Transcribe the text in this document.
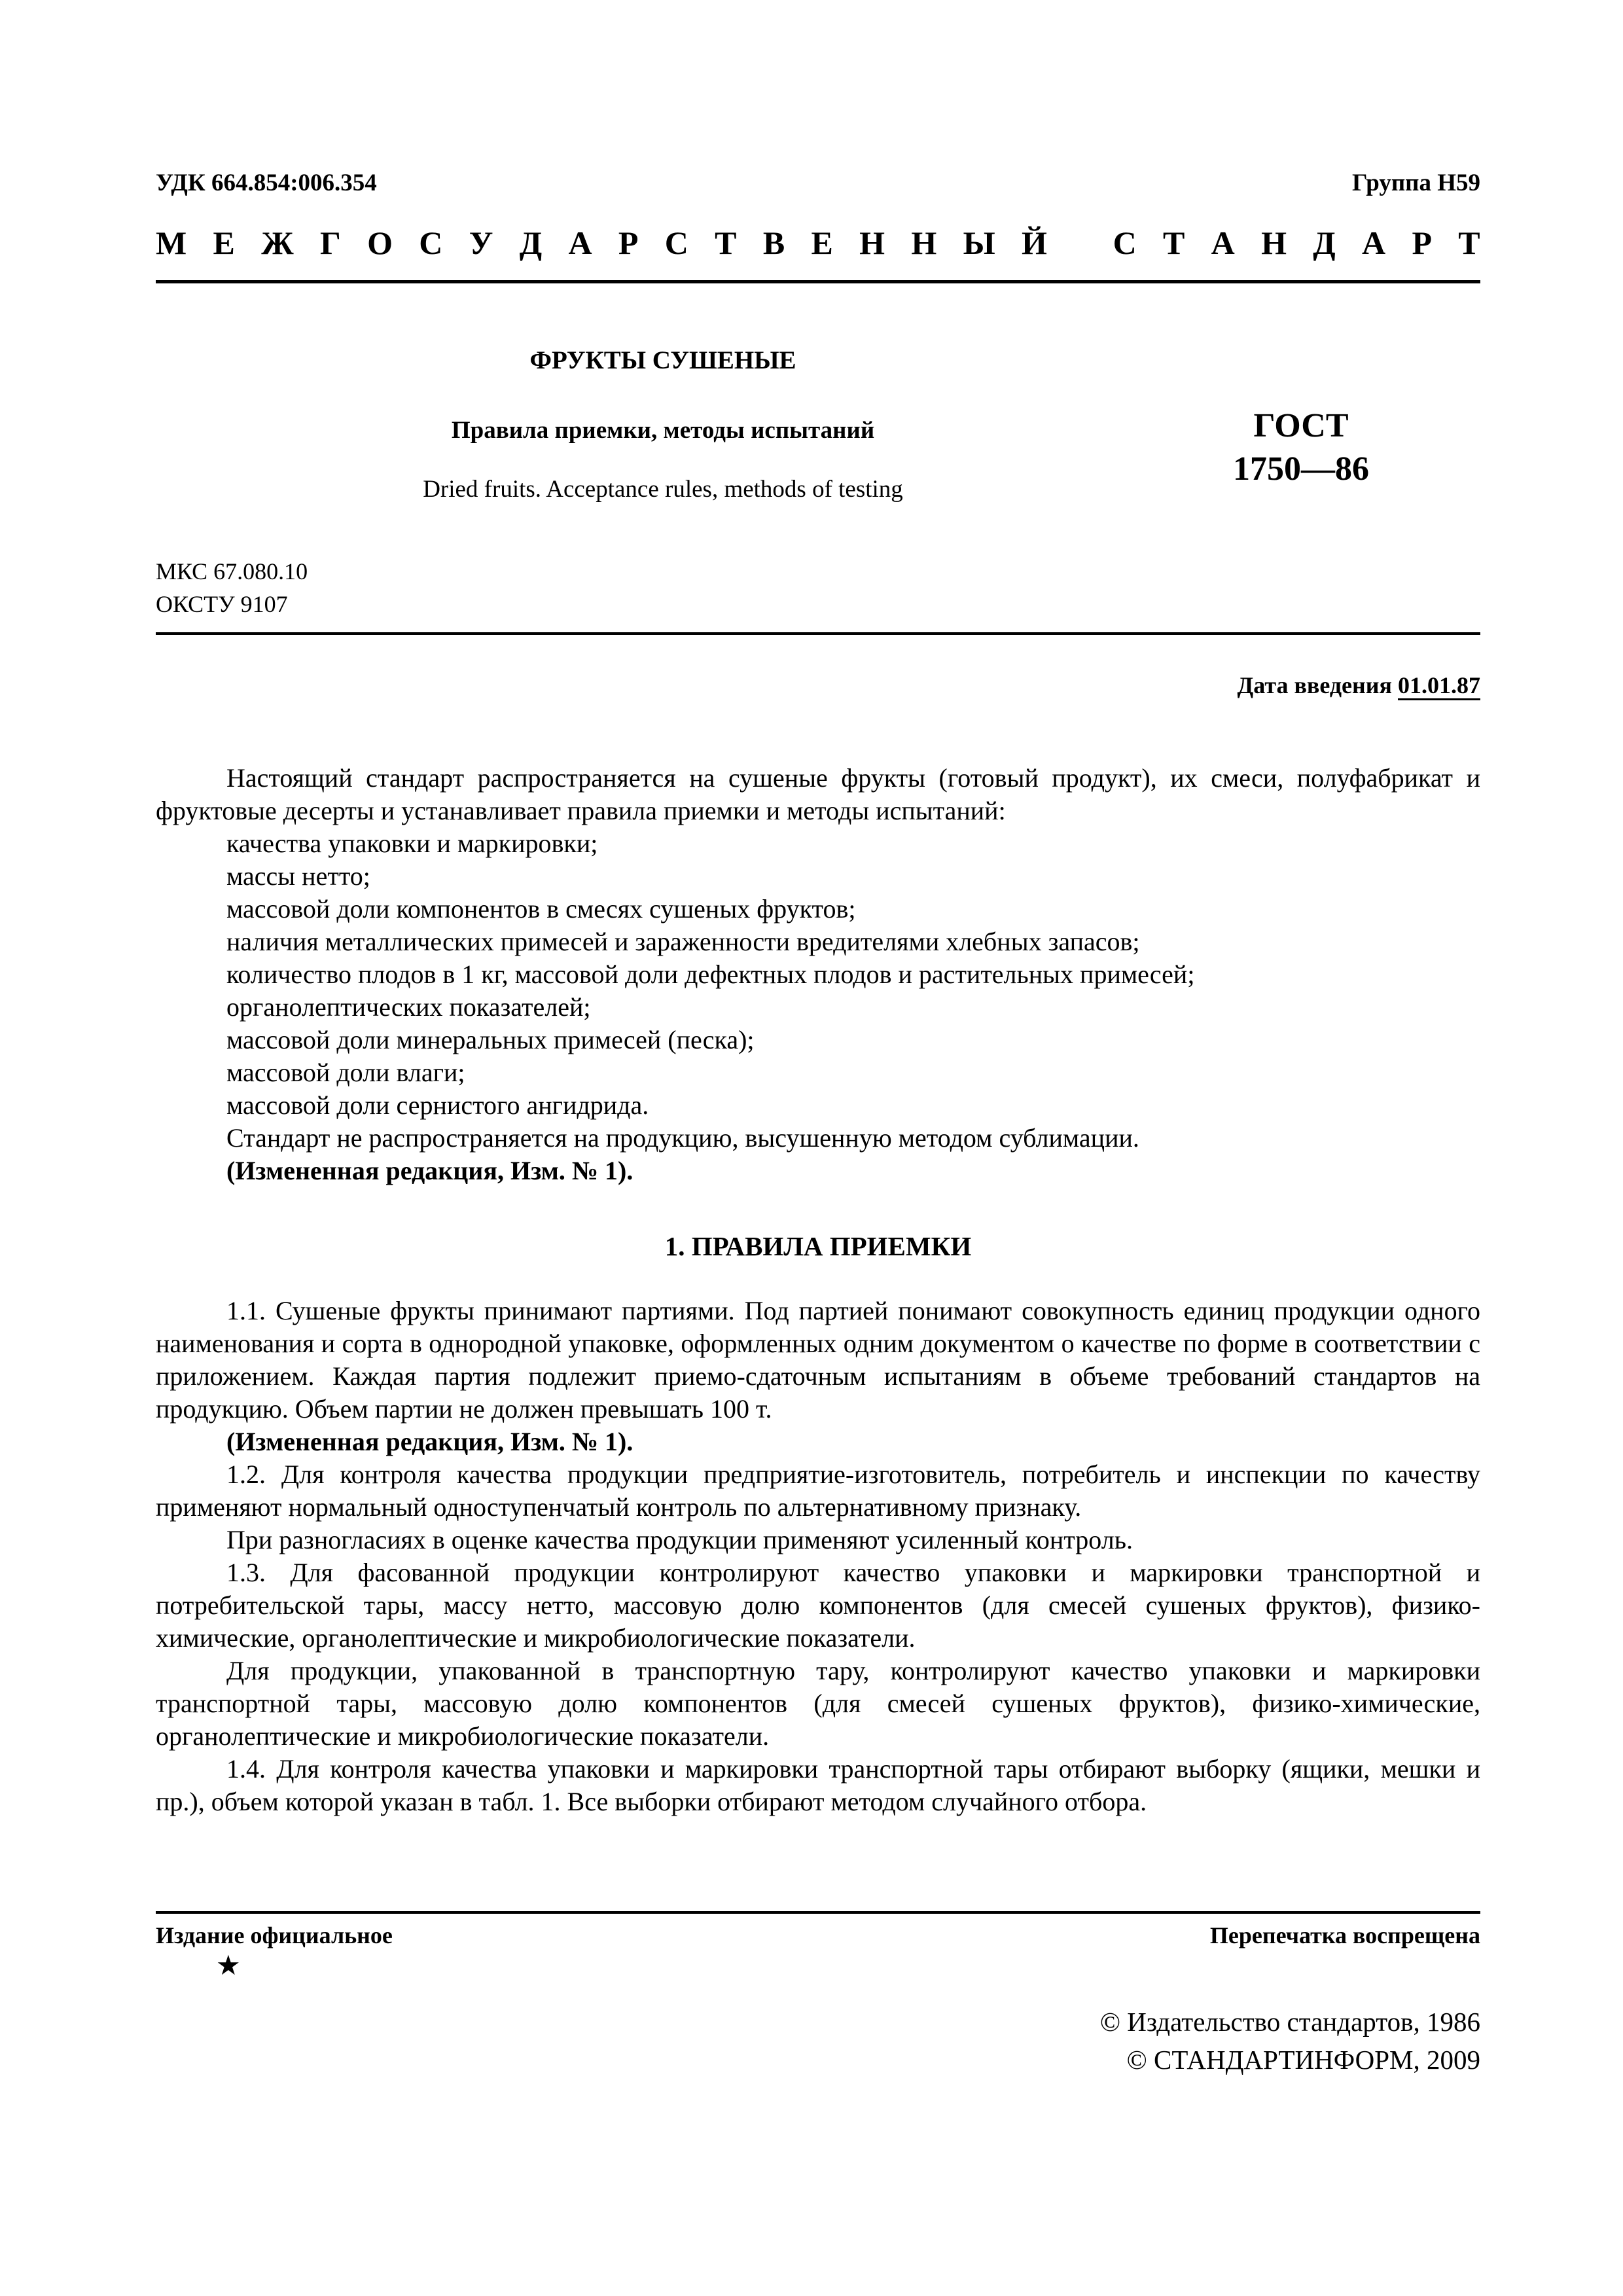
УДК 664.854:006.354	Группа Н59
М Е Ж Г О С У Д А Р С Т В Е Н Н Ы Й С Т А Н Д А Р Т
ФРУКТЫ СУШЕНЫЕ
Правила приемки, методы испытаний
Dried fruits. Acceptance rules, methods of testing
ГОСТ
1750—86
МКС 67.080.10
ОКСТУ 9107
Дата введения 01.01.87

Настоящий стандарт распространяется на сушеные фрукты (готовый продукт), их смеси, полуфабрикат и фруктовые десерты и устанавливает правила приемки и методы испытаний:

качества упаковки и маркировки;

массы нетто;

массовой доли компонентов в смесях сушеных фруктов;

наличия металлических примесей и зараженности вредителями хлебных запасов;

количество плодов в 1 кг, массовой доли дефектных плодов и растительных примесей;

органолептических показателей;

массовой доли минеральных примесей (песка);

массовой доли влаги;

массовой доли сернистого ангидрида.

Стандарт не распространяется на продукцию, высушенную методом сублимации.

(Измененная редакция, Изм. № 1).

1. ПРАВИЛА ПРИЕМКИ

1.1. Сушеные фрукты принимают партиями. Под партией понимают совокупность единиц продукции одного наименования и сорта в однородной упаковке, оформленных одним документом о качестве по форме в соответствии с приложением. Каждая партия подлежит приемо-сдаточным испытаниям в объеме требований стандартов на продукцию. Объем партии не должен превышать 100 т.

(Измененная редакция, Изм. № 1).

1.2. Для контроля качества продукции предприятие-изготовитель, потребитель и инспекции по качеству применяют нормальный одноступенчатый контроль по альтернативному признаку.

При разногласиях в оценке качества продукции применяют усиленный контроль.

1.3. Для фасованной продукции контролируют качество упаковки и маркировки транспортной и потребительской тары, массу нетто, массовую долю компонентов (для смесей сушеных фруктов), физико-химические, органолептические и микробиологические показатели.

Для продукции, упакованной в транспортную тару, контролируют качество упаковки и маркировки транспортной тары, массовую долю компонентов (для смесей сушеных фруктов), физико-химические, органолептические и микробиологические показатели.

1.4. Для контроля качества упаковки и маркировки транспортной тары отбирают выборку (ящики, мешки и пр.), объем которой указан в табл. 1. Все выборки отбирают методом случайного отбора.

Издание официальное	Перепечатка воспрещена
★
© Издательство стандартов, 1986
© СТАНДАРТИНФОРМ, 2009
